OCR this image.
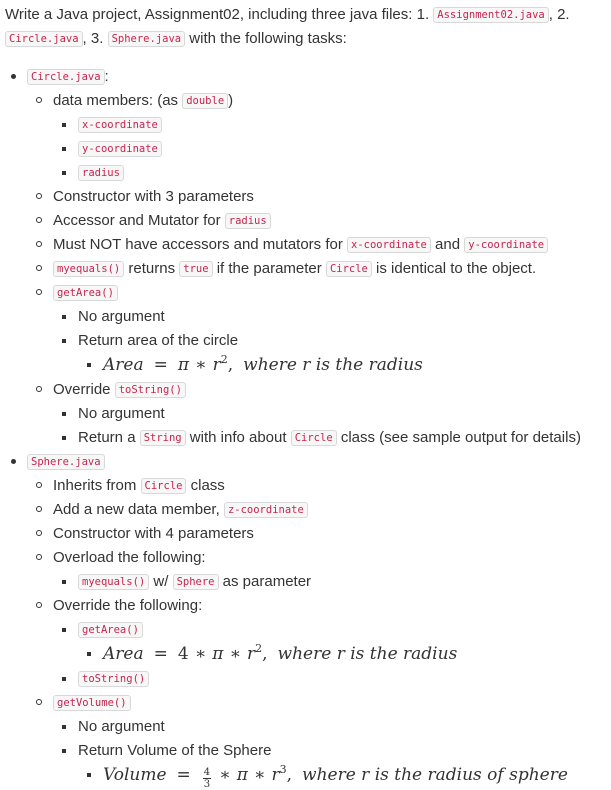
Write a Java project, Assignment02, including three java files: 1. Assignment02.java , 2.
Circle.java , 3. Sphere.java with the following tasks:

Circle.java :
data members: (as double )
x-coordinate
y-coordinate
radius
Constructor with 3 parameters
Accessor and Mutator for radius
Must NOT have accessors and mutators for x-coordinate and y-coordinate
myequals() returns true if the parameter Circle is identical to the object.
getArea()
No argument
Return area of the circle
Area = π ∗ $r^2$, where r is the radius
Override toString()
No argument
Return a String with info about Circle class (see sample output for details)
Sphere.java
Inherits from Circle class
Add a new data member, z-coordinate
Constructor with 4 parameters
Overload the following:
myequals() w/ Sphere as parameter
Override the following:
getArea()
Area = 4 ∗ π ∗ $r^2$, where r is the radius
toString()
getVolume()
No argument
Return Volume of the Sphere
Volume = $\frac{4}{3}$ ∗ π ∗ $r^3$, where r is the radius of sphere
